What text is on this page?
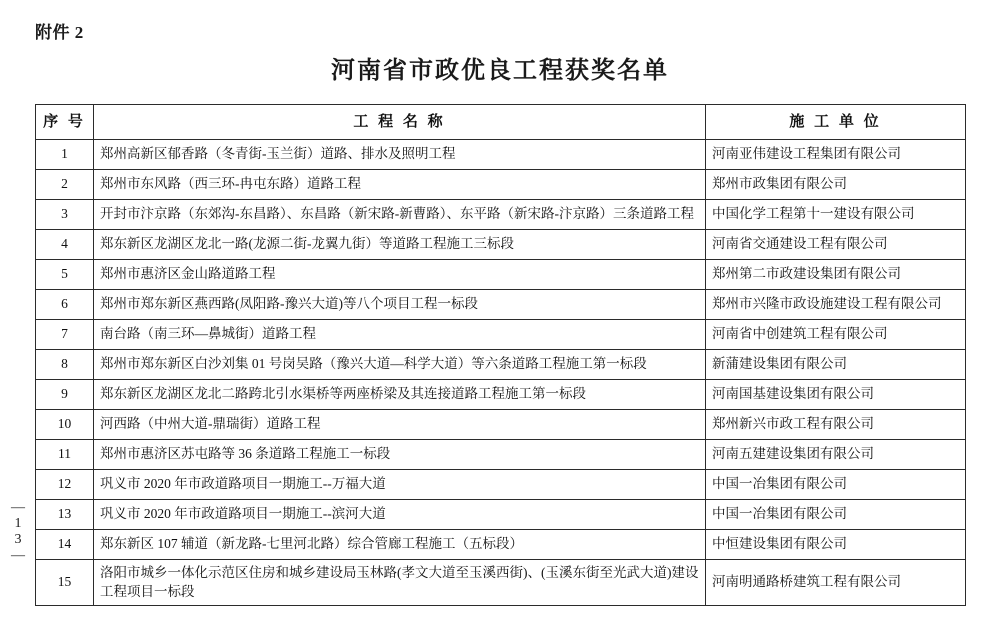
附件 2
河南省市政优良工程获奖名单
—
1
3
—
序 号	工 程 名 称	施 工 单 位
1	郑州高新区郁香路（冬青街-玉兰街）道路、排水及照明工程	河南亚伟建设工程集团有限公司
2	郑州市东风路（西三环-冉屯东路）道路工程	郑州市政集团有限公司
3	开封市汴京路（东郊沟-东昌路）、东昌路（新宋路-新曹路）、东平路（新宋路-汴京路）三条道路工程	中国化学工程第十一建设有限公司
4	郑东新区龙湖区龙北一路(龙源二街-龙翼九街）等道路工程施工三标段	河南省交通建设工程有限公司
5	郑州市惠济区金山路道路工程	郑州第二市政建设集团有限公司
6	郑州市郑东新区燕西路(凤阳路-豫兴大道)等八个项目工程一标段	郑州市兴隆市政设施建设工程有限公司
7	南台路（南三环—鼻城街）道路工程	河南省中创建筑工程有限公司
8	郑州市郑东新区白沙刘集 01 号岗吴路（豫兴大道—科学大道）等六条道路工程施工第一标段	新蒲建设集团有限公司
9	郑东新区龙湖区龙北二路跨北引水渠桥等两座桥梁及其连接道路工程施工第一标段	河南国基建设集团有限公司
10	河西路（中州大道-鼎瑞街）道路工程	郑州新兴市政工程有限公司
11	郑州市惠济区苏屯路等 36 条道路工程施工一标段	河南五建建设集团有限公司
12	巩义市 2020 年市政道路项目一期施工--万福大道	中国一冶集团有限公司
13	巩义市 2020 年市政道路项目一期施工--滨河大道	中国一冶集团有限公司
14	郑东新区 107 辅道（新龙路-七里河北路）综合管廊工程施工（五标段）	中恒建设集团有限公司
15	洛阳市城乡一体化示范区住房和城乡建设局玉林路(孝文大道至玉溪西街)、(玉溪东街至光武大道)建设工程项目一标段	河南明通路桥建筑工程有限公司
